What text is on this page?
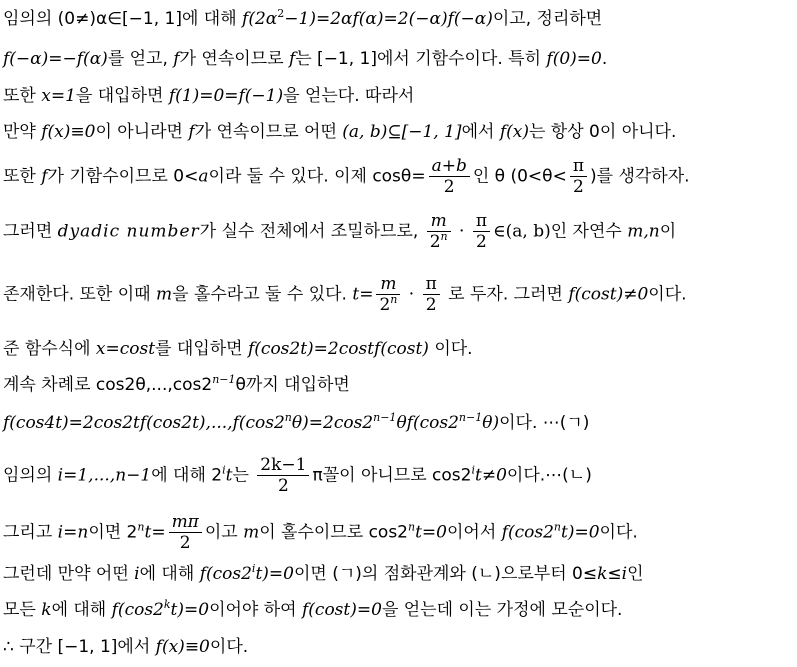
임의의 (0≠)α∈[−1, 1]에 대해 $f(2\alpha^2-1)=2\alpha f(\alpha)=2(-\alpha)f(-\alpha)$이고, 정리하면
f(−α)=−f(α)를 얻고, f가 연속이므로 f는 [−1, 1]에서 기함수이다. 특히 f(0)=0.
또한 x=1을 대입하면 f(1)=0=f(−1)을 얻는다. 따라서
만약 f(x)≡0이 아니라면 f가 연속이므로 어떤 (a, b)⊆[−1, 1]에서 f(x)는 항상 0이 아니다.
또한 f가 기함수이므로 0<a이라 둘 수 있다. 이제 $\cos\theta= \frac{a+b}{2}$ 인 θ ($0<\theta< \frac{\pi}{2}$ )를 생각하자.
그러면 dyadic number가 실수 전체에서 조밀하므로, $\frac{m}{2^n} \cdot \frac{\pi}{2}$ ∈(a, b)인 자연수 m,n이
존재한다. 또한 이때 m을 홀수라고 둘 수 있다. $t= \frac{m}{2^n} \cdot \frac{\pi}{2}$ 로 두자. 그러면 f(cost)≠0이다.
준 함수식에 x=cost를 대입하면 f(cos2t)=2costf(cost) 이다.
계속 차례로 $\cos 2\theta,...,\cos 2^{n-1}\theta$까지 대입하면
$f(\cos 4t)=2\cos 2tf(\cos 2t),...,f(\cos 2^n\theta)=2\cos 2^{n-1}\theta f(\cos 2^{n-1}\theta)$이다. ⋯(ㄱ)
임의의 i=1,...,n−1에 대해 2$^i$t는 $\frac{2k-1}{2}$ π꼴이 아니므로 $\cos 2^it\ne 0$이다.⋯(ㄴ)
그리고 i=n이면 $2^nt= \frac{m\pi}{2}$ 이고 m이 홀수이므로 $\cos 2^nt=0$이어서 $f(\cos 2^nt)=0$이다.
그런데 만약 어떤 i에 대해 $f(\cos 2^it)=0$이면 (ㄱ)의 점화관계와 (ㄴ)으로부터 0≤k≤i인
모든 k에 대해 $f(\cos 2^kt)=0$이어야 하여 f(cost)=0을 얻는데 이는 가정에 모순이다.
∴ 구간 [−1, 1]에서 f(x)≡0이다.
